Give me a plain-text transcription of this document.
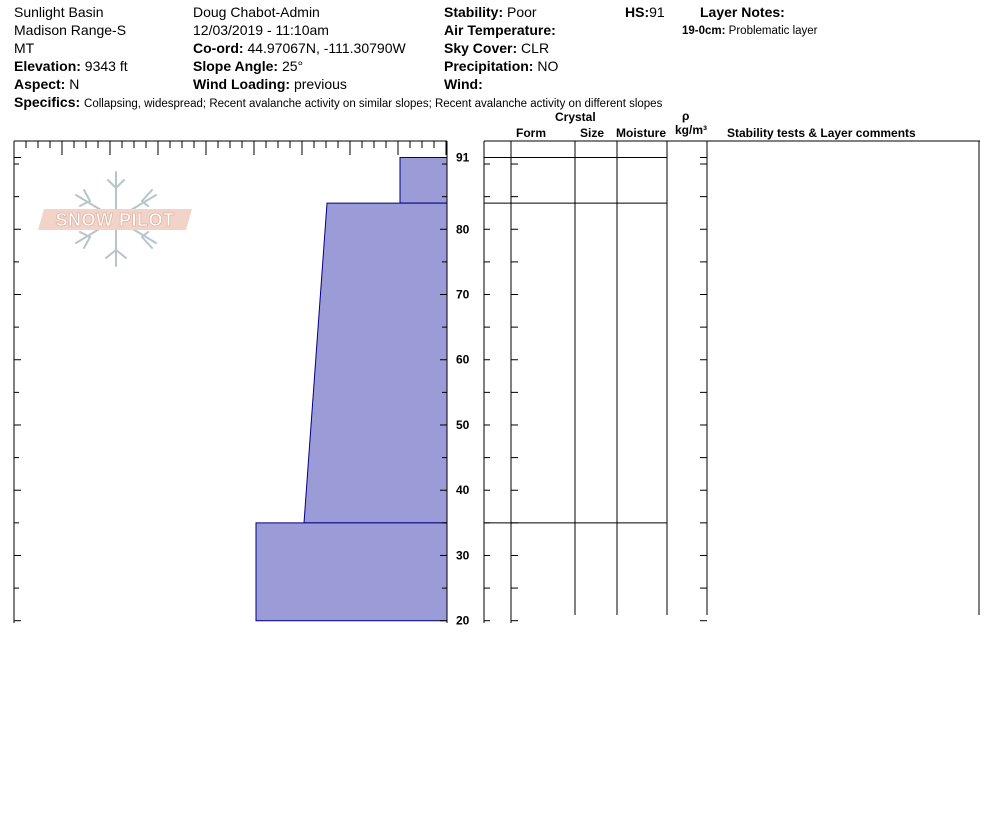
Sunlight Basin
Madison Range-S
MT
Elevation: 9343 ft
Aspect: N
Doug Chabot-Admin
12/03/2019 - 11:10am
Co-ord: 44.97067N, -111.30790W
Slope Angle: 25°
Wind Loading: previous
Stability: Poor
Air Temperature:
Sky Cover: CLR
Precipitation: NO
Wind:
HS:91	Layer Notes:
19-0cm: Problematic layer
Specifics: Collapsing, widespread; Recent avalanche activity on similar slopes; Recent avalanche activity on different slopes
Crystal
Form	Size Moisture
ρ
kg/m³ Stability tests & Layer comments
SNOW PILOT
91
80
70
60
50
40
30
20
